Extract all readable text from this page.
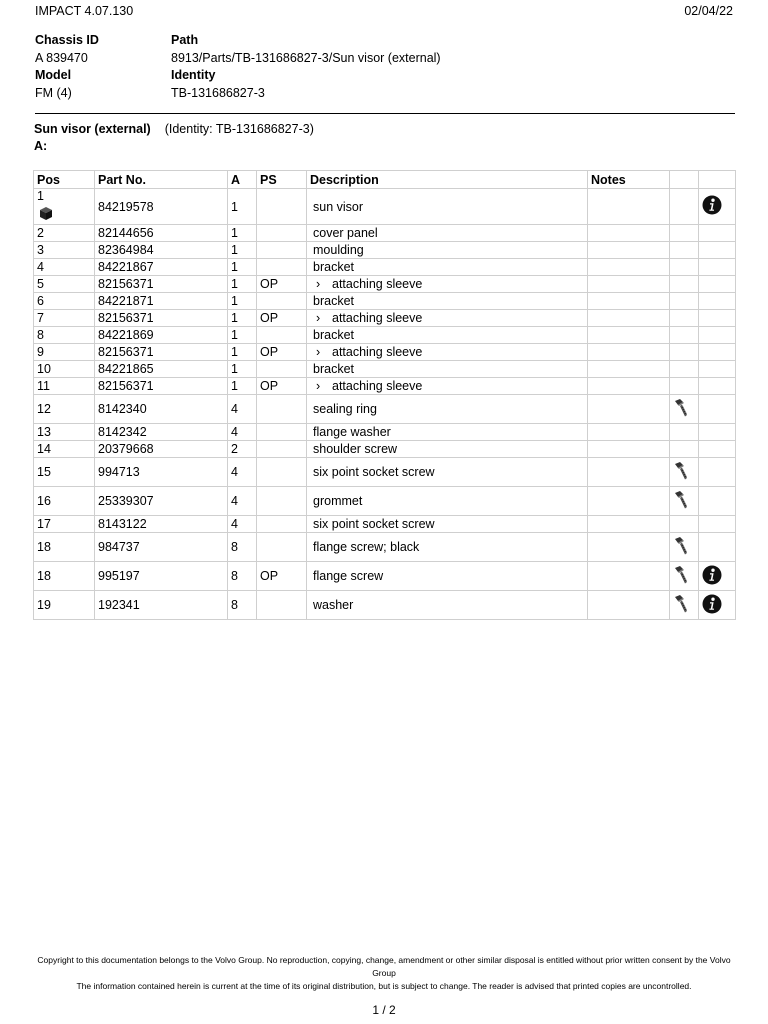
IMPACT 4.07.130	02/04/22
Chassis ID	Path
A 839470	8913/Parts/TB-131686827-3/Sun visor (external)
Model	Identity
FM (4)	TB-131686827-3
Sun visor (external) (Identity: TB-131686827-3)
A:
Pos	Part No.	A	PS	Description	Notes		
1	84219578	1		sun visor			
2	82144656	1		cover panel			
3	82364984	1		moulding			
4	84221867	1		bracket			
5	82156371	1	OP	› attaching sleeve			
6	84221871	1		bracket			
7	82156371	1	OP	› attaching sleeve			
8	84221869	1		bracket			
9	82156371	1	OP	› attaching sleeve			
10	84221865	1		bracket			
11	82156371	1	OP	› attaching sleeve			
12	8142340	4		sealing ring			
13	8142342	4		flange washer			
14	20379668	2		shoulder screw			
15	994713	4		six point socket screw			
16	25339307	4		grommet			
17	8143122	4		six point socket screw			
18	984737	8		flange screw; black			
18	995197	8	OP	flange screw			
19	192341	8		washer			
Copyright to this documentation belongs to the Volvo Group. No reproduction, copying, change, amendment or other similar disposal is entitled without prior written consent by the Volvo Group
The information contained herein is current at the time of its original distribution, but is subject to change. The reader is advised that printed copies are uncontrolled.
1 / 2
